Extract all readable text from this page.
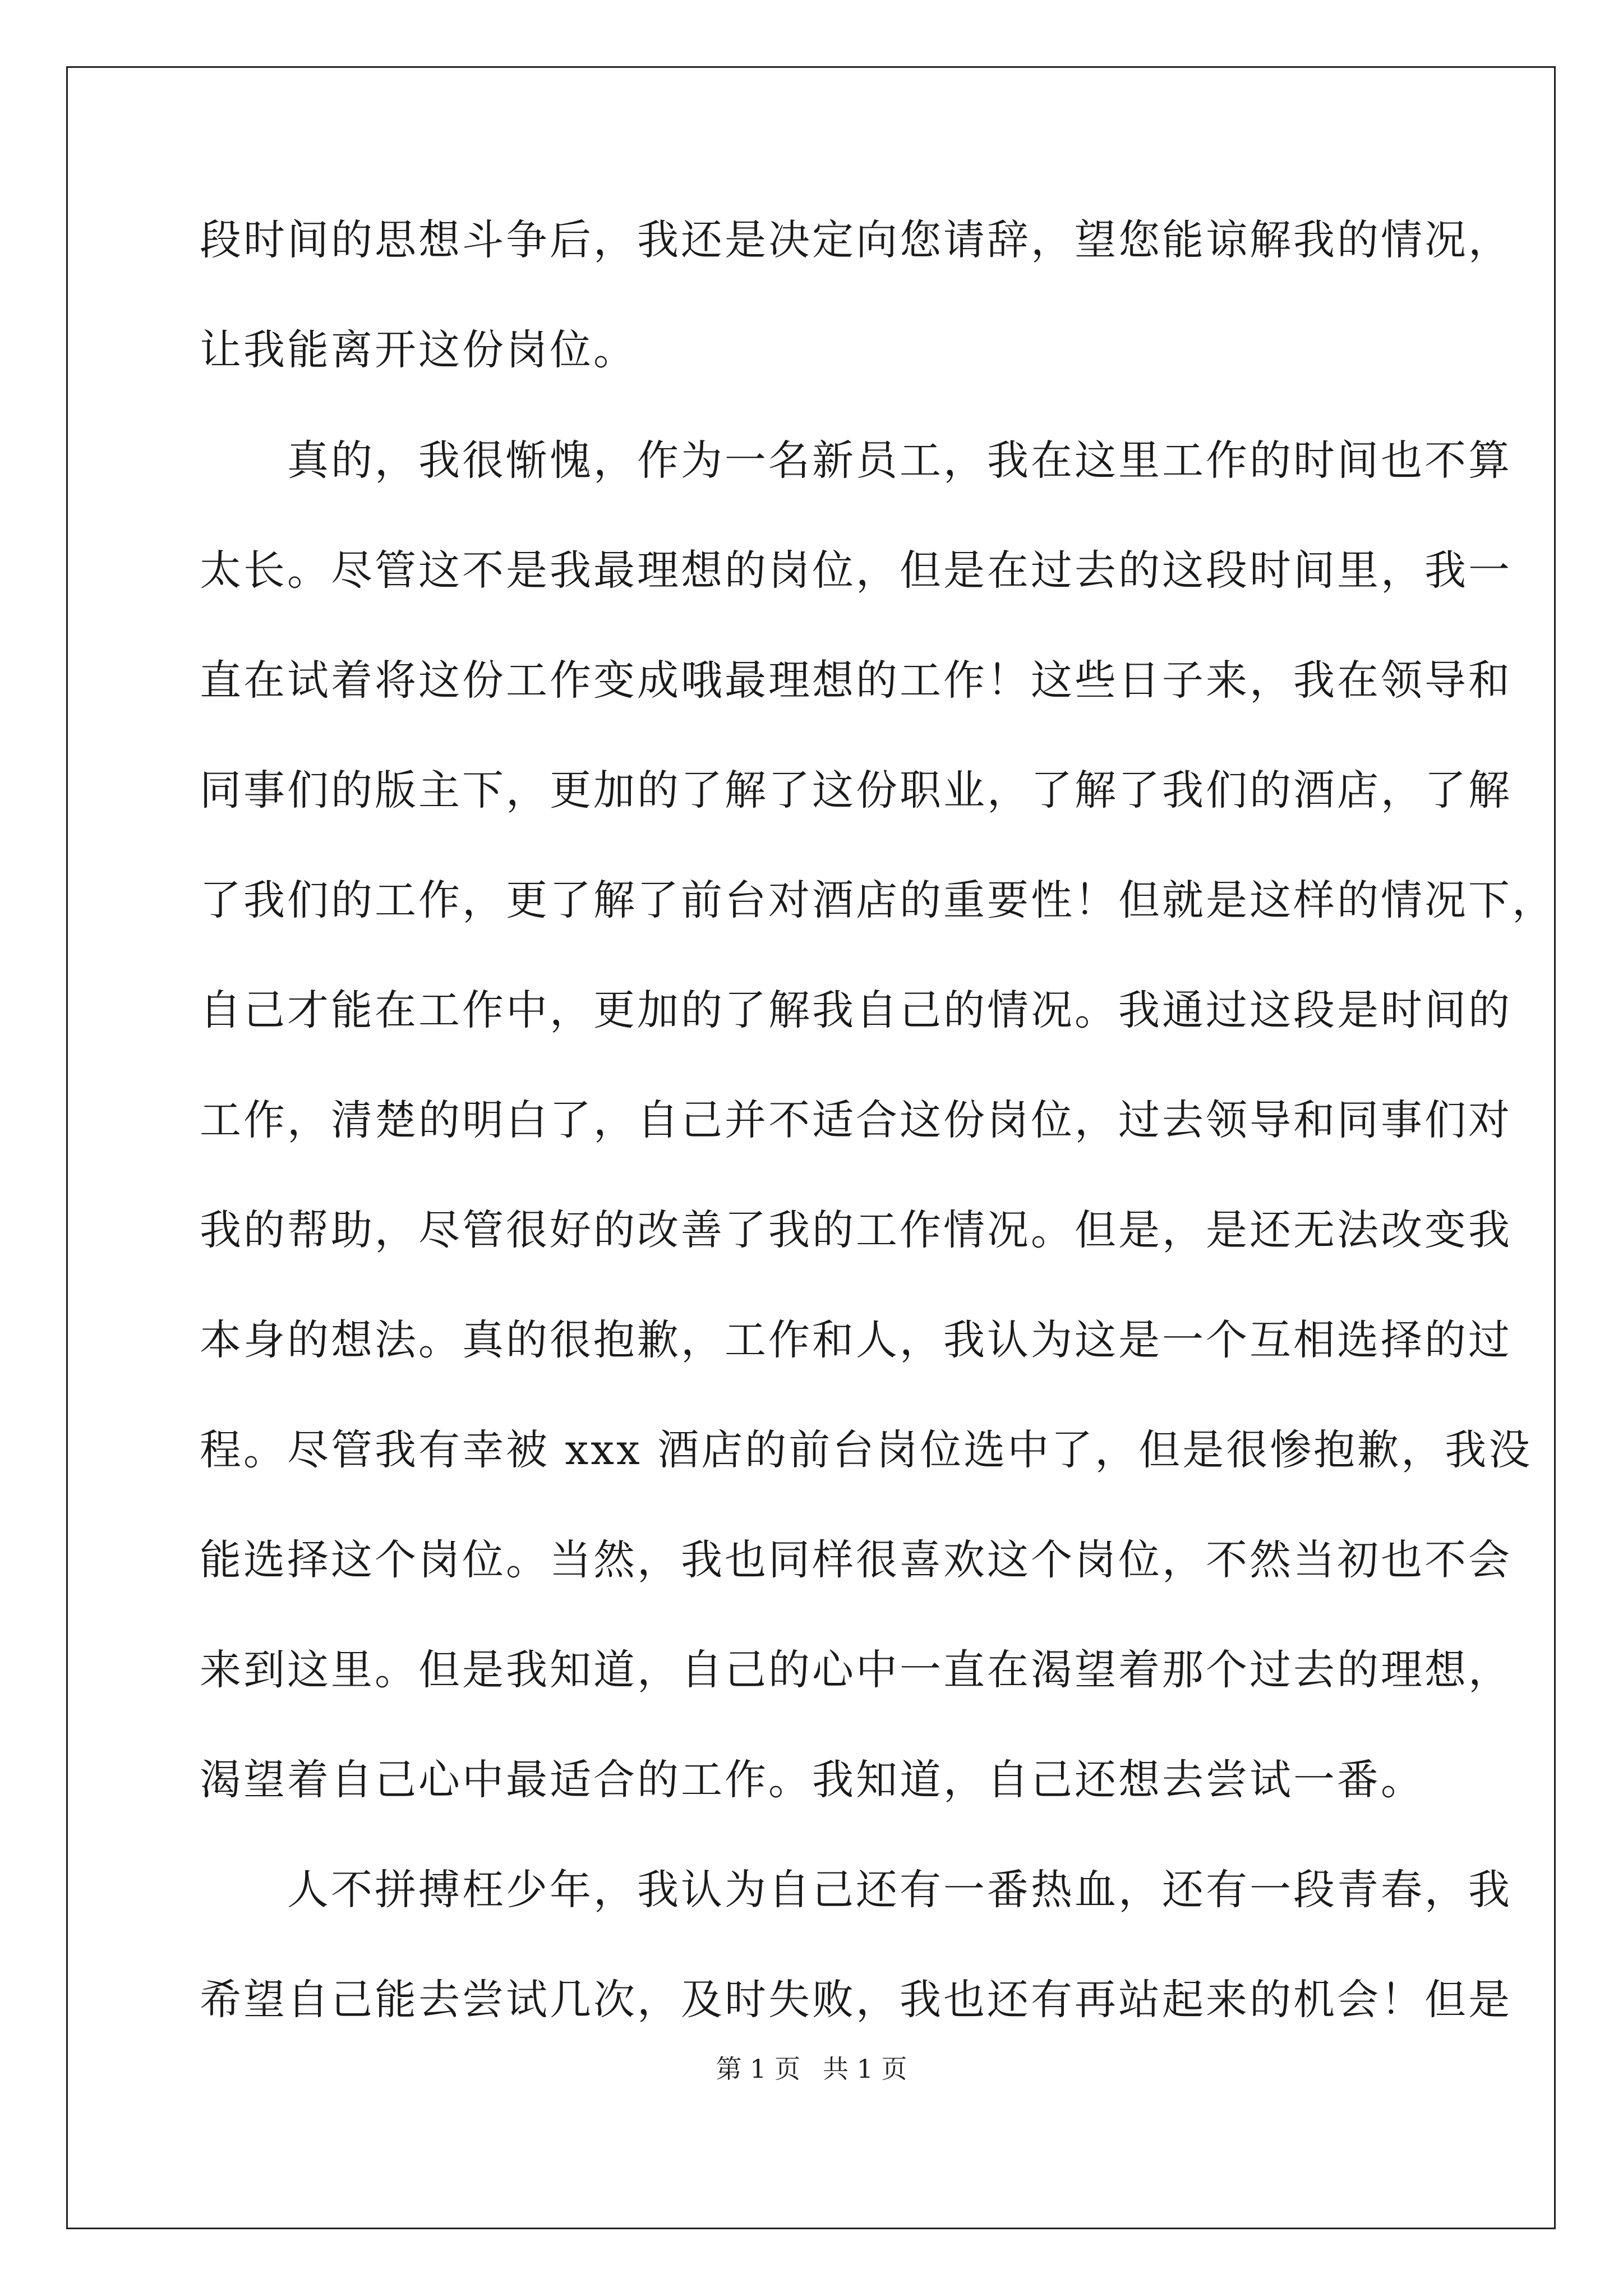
段时间的思想斗争后，我还是决定向您请辞，望您能谅解我的情况，
让我能离开这份岗位。
　　真的，我很惭愧，作为一名新员工，我在这里工作的时间也不算
太长。尽管这不是我最理想的岗位，但是在过去的这段时间里，我一
直在试着将这份工作变成哦最理想的工作！这些日子来，我在领导和
同事们的版主下，更加的了解了这份职业，了解了我们的酒店，了解
了我们的工作，更了解了前台对酒店的重要性！但就是这样的情况下，
自己才能在工作中，更加的了解我自己的情况。我通过这段是时间的
工作，清楚的明白了，自己并不适合这份岗位，过去领导和同事们对
我的帮助，尽管很好的改善了我的工作情况。但是，是还无法改变我
本身的想法。真的很抱歉，工作和人，我认为这是一个互相选择的过
程。尽管我有幸被 xxx 酒店的前台岗位选中了，但是很惨抱歉，我没
能选择这个岗位。当然，我也同样很喜欢这个岗位，不然当初也不会
来到这里。但是我知道，自己的心中一直在渴望着那个过去的理想，
渴望着自己心中最适合的工作。我知道，自己还想去尝试一番。
　　人不拼搏枉少年，我认为自己还有一番热血，还有一段青春，我
希望自己能去尝试几次，及时失败，我也还有再站起来的机会！但是
第 1 页 共 1 页
